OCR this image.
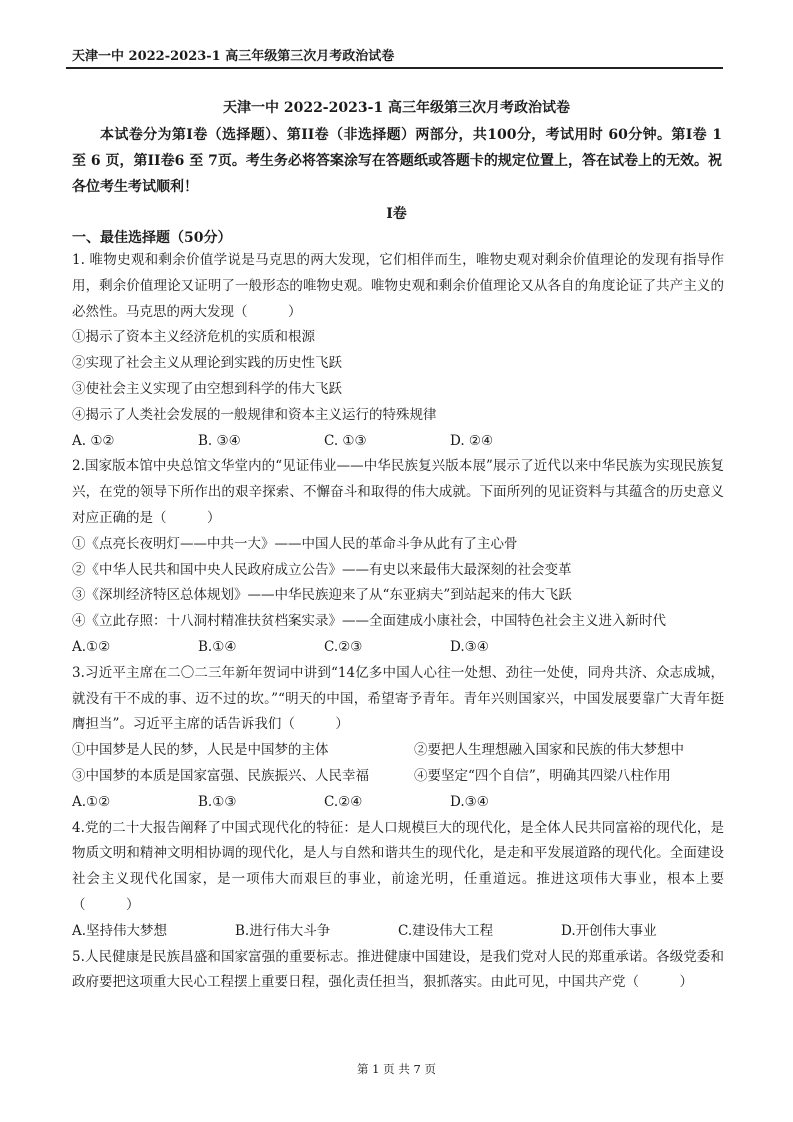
天津一中 2022-2023-1 高三年级第三次月考政治试卷
天津一中 2022-2023-1 高三年级第三次月考政治试卷
本试卷分为第I卷（选择题）、第II卷（非选择题）两部分，共100分，考试用时 60分钟。第I卷 1 至 6 页，第II卷6 至 7页。考生务必将答案涂写在答题纸或答题卡的规定位置上，答在试卷上的无效。祝各位考生考试顺利！
I卷
一、最佳选择题（50分）

1. 唯物史观和剩余价值学说是马克思的两大发现，它们相伴而生，唯物史观对剩余价值理论的发现有指导作用，剩余价值理论又证明了一般形态的唯物史观。唯物史观和剩余价值理论又从各自的角度论证了共产主义的必然性。马克思的两大发现（　　　）

①揭示了资本主义经济危机的实质和根源

②实现了社会主义从理论到实践的历史性飞跃

③使社会主义实现了由空想到科学的伟大飞跃

④揭示了人类社会发展的一般规律和资本主义运行的特殊规律

A. ①②	B. ③④	C. ①③	D. ②④

2.国家版本馆中央总馆文华堂内的“见证伟业——中华民族复兴版本展”展示了近代以来中华民族为实现民族复兴，在党的领导下所作出的艰辛探索、不懈奋斗和取得的伟大成就。下面所列的见证资料与其蕴含的历史意义对应正确的是（　　　）

①《点亮长夜明灯——中共一大》——中国人民的革命斗争从此有了主心骨

②《中华人民共和国中央人民政府成立公告》——有史以来最伟大最深刻的社会变革

③《深圳经济特区总体规划》——中华民族迎来了从“东亚病夫”到站起来的伟大飞跃

④《立此存照：十八洞村精准扶贫档案实录》——全面建成小康社会，中国特色社会主义进入新时代

A.①②	B.①④	C.②③	D.③④

3.习近平主席在二〇二三年新年贺词中讲到“14亿多中国人心往一处想、劲往一处使，同舟共济、众志成城，就没有干不成的事、迈不过的坎。”“明天的中国，希望寄予青年。青年兴则国家兴，中国发展要靠广大青年挺膺担当”。习近平主席的话告诉我们（　　　）

①中国梦是人民的梦，人民是中国梦的主体	②要把人生理想融入国家和民族的伟大梦想中
③中国梦的本质是国家富强、民族振兴、人民幸福	④要坚定“四个自信”，明确其四梁八柱作用
A.①②	B.①③	C.②④	D.③④

4.党的二十大报告阐释了中国式现代化的特征：是人口规模巨大的现代化，是全体人民共同富裕的现代化，是物质文明和精神文明相协调的现代化，是人与自然和谐共生的现代化，是走和平发展道路的现代化。全面建设社会主义现代化国家，是一项伟大而艰巨的事业，前途光明，任重道远。推进这项伟大事业，根本上要（　　　）

A.坚持伟大梦想	B.进行伟大斗争	C.建设伟大工程	D.开创伟大事业

5.人民健康是民族昌盛和国家富强的重要标志。推进健康中国建设，是我们党对人民的郑重承诺。各级党委和政府要把这项重大民心工程摆上重要日程，强化责任担当，狠抓落实。由此可见，中国共产党（　　　）

第 1 页 共 7 页
